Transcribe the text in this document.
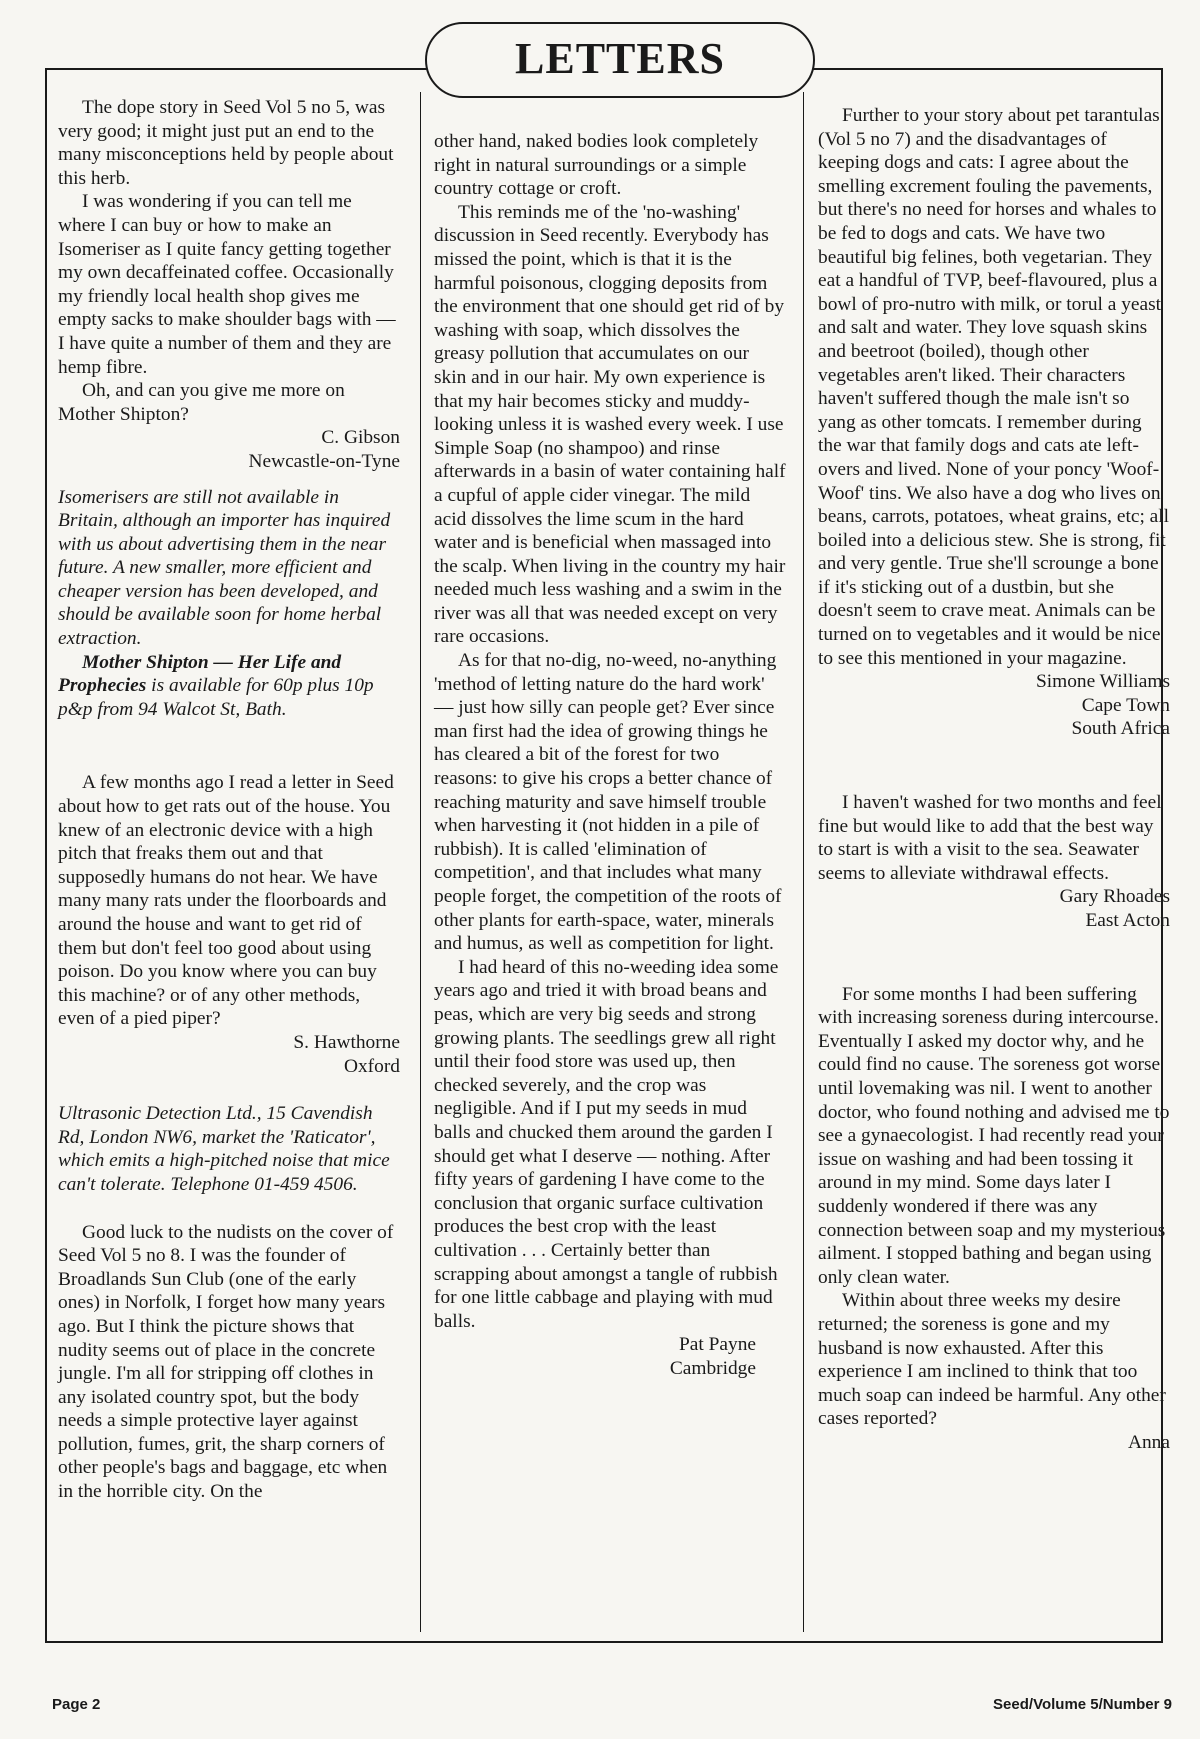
LETTERS

The dope story in Seed Vol 5 no 5, was very good; it might just put an end to the many misconceptions held by people about this herb.

I was wondering if you can tell me where I can buy or how to make an Isomeriser as I quite fancy getting together my own decaffeinated coffee. Occasionally my friendly local health shop gives me empty sacks to make shoulder bags with — I have quite a number of them and they are hemp fibre.

Oh, and can you give me more on Mother Shipton?

C. Gibson
Newcastle-on-Tyne
Isomerisers are still not available in Britain, although an importer has inquired with us about advertising them in the near future. A new smaller, more efficient and cheaper version has been developed, and should be available soon for home herbal extraction.
Mother Shipton — Her Life and Prophecies is available for 60p plus 10p p&p from 94 Walcot St, Bath.

A few months ago I read a letter in Seed about how to get rats out of the house. You knew of an electronic device with a high pitch that freaks them out and that supposedly humans do not hear. We have many many rats under the floorboards and around the house and want to get rid of them but don't feel too good about using poison. Do you know where you can buy this machine? or of any other methods, even of a pied piper?

S. Hawthorne
Oxford
Ultrasonic Detection Ltd., 15 Cavendish Rd, London NW6, market the 'Raticator', which emits a high-pitched noise that mice can't tolerate. Telephone 01-459 4506.

Good luck to the nudists on the cover of Seed Vol 5 no 8. I was the founder of Broadlands Sun Club (one of the early ones) in Norfolk, I forget how many years ago. But I think the picture shows that nudity seems out of place in the concrete jungle. I'm all for stripping off clothes in any isolated country spot, but the body needs a simple protective layer against pollution, fumes, grit, the sharp corners of other people's bags and baggage, etc when in the horrible city. On the

other hand, naked bodies look completely right in natural surroundings or a simple country cottage or croft.

This reminds me of the 'no-washing' discussion in Seed recently. Everybody has missed the point, which is that it is the harmful poisonous, clogging deposits from the environment that one should get rid of by washing with soap, which dissolves the greasy pollution that accumulates on our skin and in our hair. My own experience is that my hair becomes sticky and muddy-looking unless it is washed every week. I use Simple Soap (no shampoo) and rinse afterwards in a basin of water containing half a cupful of apple cider vinegar. The mild acid dissolves the lime scum in the hard water and is beneficial when massaged into the scalp. When living in the country my hair needed much less washing and a swim in the river was all that was needed except on very rare occasions.

As for that no-dig, no-weed, no-anything 'method of letting nature do the hard work' — just how silly can people get? Ever since man first had the idea of growing things he has cleared a bit of the forest for two reasons: to give his crops a better chance of reaching maturity and save himself trouble when harvesting it (not hidden in a pile of rubbish). It is called 'elimination of competition', and that includes what many people forget, the competition of the roots of other plants for earth-space, water, minerals and humus, as well as competition for light.

I had heard of this no-weeding idea some years ago and tried it with broad beans and peas, which are very big seeds and strong growing plants. The seedlings grew all right until their food store was used up, then checked severely, and the crop was negligible. And if I put my seeds in mud balls and chucked them around the garden I should get what I deserve — nothing. After fifty years of gardening I have come to the conclusion that organic surface cultivation produces the best crop with the least cultivation . . . Certainly better than scrapping about amongst a tangle of rubbish for one little cabbage and playing with mud balls.

Pat Payne
Cambridge

Further to your story about pet tarantulas (Vol 5 no 7) and the disadvantages of keeping dogs and cats: I agree about the smelling excrement fouling the pavements, but there's no need for horses and whales to be fed to dogs and cats. We have two beautiful big felines, both vegetarian. They eat a handful of TVP, beef-flavoured, plus a bowl of pro-nutro with milk, or torul a yeast and salt and water. They love squash skins and beetroot (boiled), though other vegetables aren't liked. Their characters haven't suffered though the male isn't so yang as other tomcats. I remember during the war that family dogs and cats ate left-overs and lived. None of your poncy 'Woof-Woof' tins. We also have a dog who lives on beans, carrots, potatoes, wheat grains, etc; all boiled into a delicious stew. She is strong, fit and very gentle. True she'll scrounge a bone if it's sticking out of a dustbin, but she doesn't seem to crave meat. Animals can be turned on to vegetables and it would be nice to see this mentioned in your magazine.

Simone Williams
Cape Town
South Africa

I haven't washed for two months and feel fine but would like to add that the best way to start is with a visit to the sea. Seawater seems to alleviate withdrawal effects.

Gary Rhoades
East Acton

For some months I had been suffering with increasing soreness during intercourse. Eventually I asked my doctor why, and he could find no cause. The soreness got worse until lovemaking was nil. I went to another doctor, who found nothing and advised me to see a gynaecologist. I had recently read your issue on washing and had been tossing it around in my mind. Some days later I suddenly wondered if there was any connection between soap and my mysterious ailment. I stopped bathing and began using only clean water.

Within about three weeks my desire returned; the soreness is gone and my husband is now exhausted. After this experience I am inclined to think that too much soap can indeed be harmful. Any other cases reported?

Anna
Page 2	Seed/Volume 5/Number 9
